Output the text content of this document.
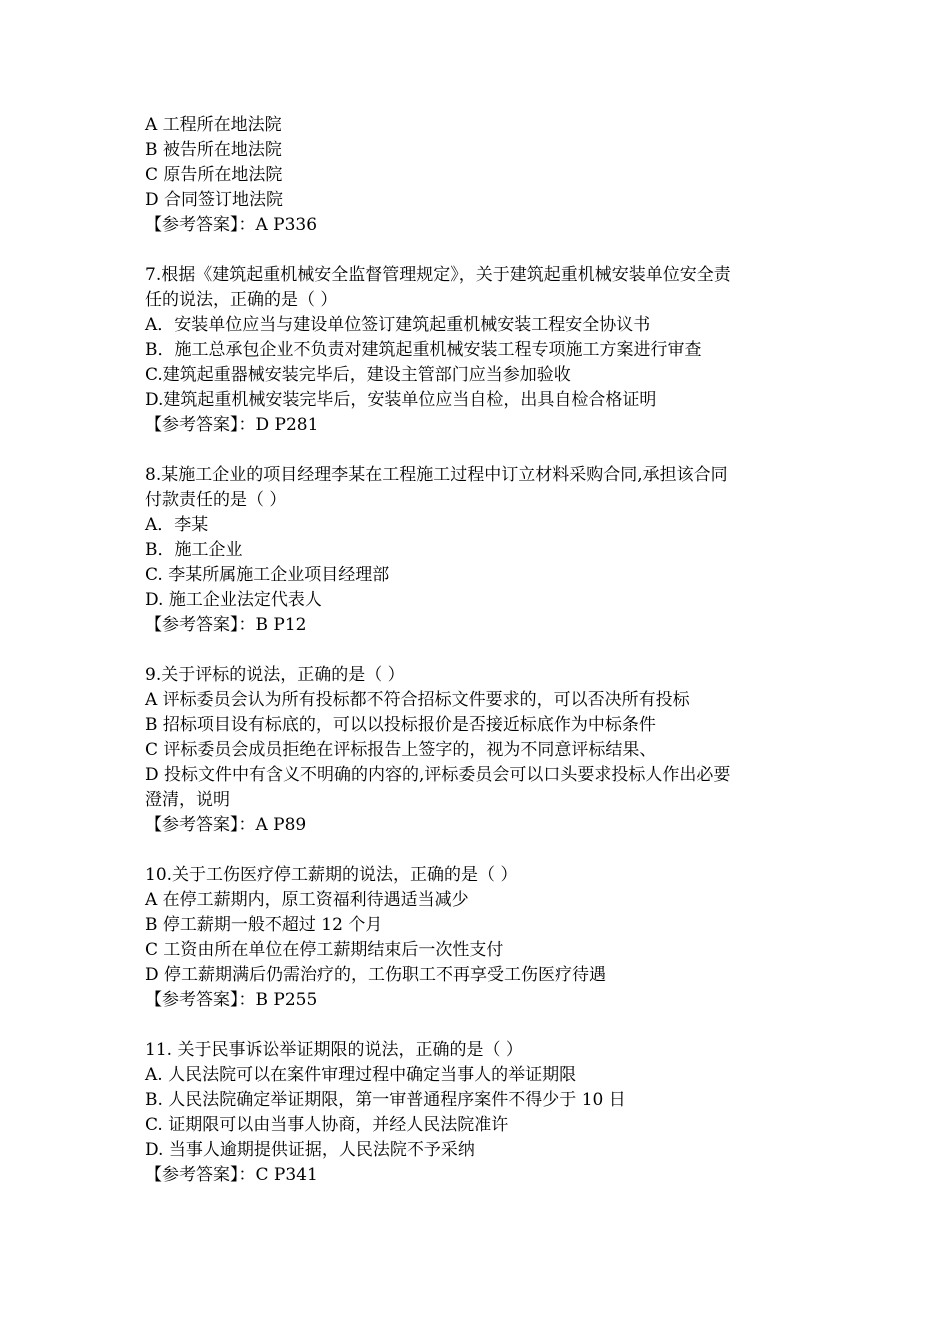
A 工程所在地法院
B 被告所在地法院
C 原告所在地法院
D 合同签订地法院
【参考答案】：A P336
7.根据《建筑起重机械安全监督管理规定》，关于建筑起重机械安装单位安全责
任的说法，正确的是（ ）
A．安装单位应当与建设单位签订建筑起重机械安装工程安全协议书
B．施工总承包企业不负责对建筑起重机械安装工程专项施工方案进行审查
C.建筑起重器械安装完毕后，建设主管部门应当参加验收
D.建筑起重机械安装完毕后，安装单位应当自检，出具自检合格证明
【参考答案】：D P281
8.某施工企业的项目经理李某在工程施工过程中订立材料采购合同,承担该合同
付款责任的是（ ）
A．李某
B．施工企业
C. 李某所属施工企业项目经理部
D. 施工企业法定代表人
【参考答案】：B P12
9.关于评标的说法，正确的是（ ）
A 评标委员会认为所有投标都不符合招标文件要求的，可以否决所有投标
B 招标项目设有标底的，可以以投标报价是否接近标底作为中标条件
C 评标委员会成员拒绝在评标报告上签字的，视为不同意评标结果、
D 投标文件中有含义不明确的内容的,评标委员会可以口头要求投标人作出必要
澄清，说明
【参考答案】：A P89
10.关于工伤医疗停工薪期的说法，正确的是（ ）
A 在停工薪期内，原工资福利待遇适当减少
B 停工薪期一般不超过 12 个月
C 工资由所在单位在停工薪期结束后一次性支付
D 停工薪期满后仍需治疗的，工伤职工不再享受工伤医疗待遇
【参考答案】：B P255
11. 关于民事诉讼举证期限的说法，正确的是（ ）
A. 人民法院可以在案件审理过程中确定当事人的举证期限
B. 人民法院确定举证期限，第一审普通程序案件不得少于 10 日
C. 证期限可以由当事人协商，并经人民法院准许
D. 当事人逾期提供证据，人民法院不予采纳
【参考答案】：C P341
